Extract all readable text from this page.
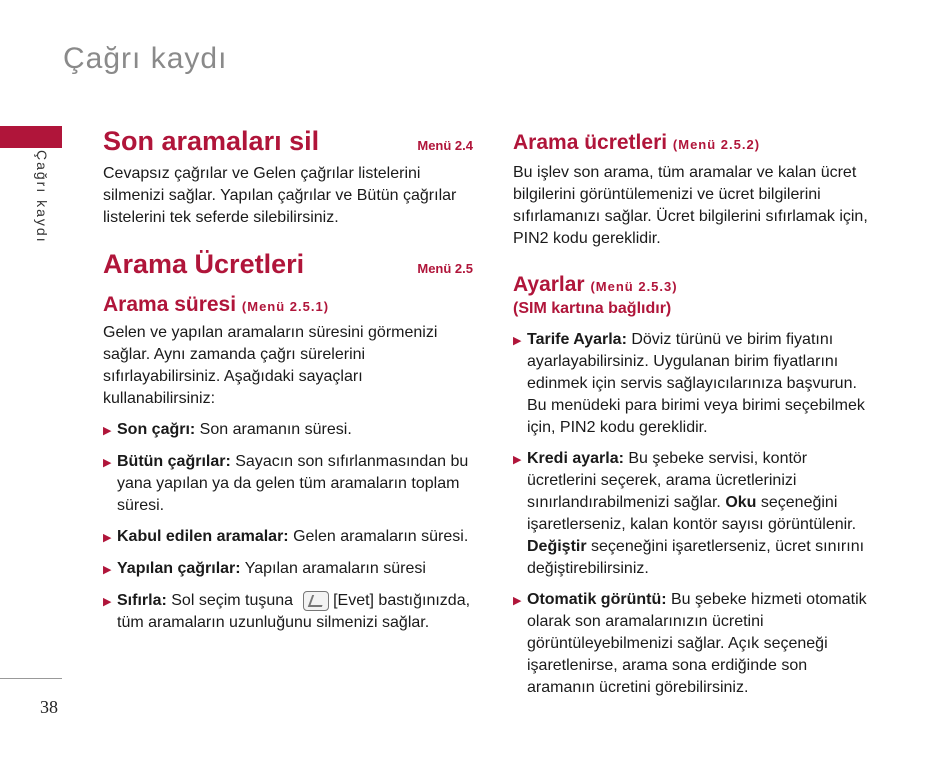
Çağrı kaydı
Çağrı kaydı
38
Son aramaları sil	Menü 2.4

Cevapsız çağrılar ve Gelen çağrılar listelerini silmenizi sağlar. Yapılan çağrılar ve Bütün çağrılar listelerini tek seferde silebilirsiniz.

Arama Ücretleri	Menü 2.5
Arama süresi (Menü 2.5.1)

Gelen ve yapılan aramaların süresini görmenizi sağlar. Aynı zamanda çağrı sürelerini sıfırlayabilirsiniz. Aşağıdaki sayaçları kullanabilirsiniz:

▶ Son çağrı: Son aramanın süresi.
▶ Bütün çağrılar: Sayacın son sıfırlanmasından bu yana yapılan ya da gelen tüm aramaların toplam süresi.
▶ Kabul edilen aramalar: Gelen aramaların süresi.
▶ Yapılan çağrılar: Yapılan aramaların süresi
▶ Sıfırla: Sol seçim tuşuna	[Evet] bastığınızda, tüm aramaların uzunluğunu silmenizi sağlar.
Arama ücretleri (Menü 2.5.2)

Bu işlev son arama, tüm aramalar ve kalan ücret bilgilerini görüntülemenizi ve ücret bilgilerini sıfırlamanızı sağlar. Ücret bilgilerini sıfırlamak için, PIN2 kodu gereklidir.

Ayarlar (Menü 2.5.3)
(SIM kartına bağlıdır)
▶ Tarife Ayarla: Döviz türünü ve birim fiyatını ayarlayabilirsiniz. Uygulanan birim fiyatlarını edinmek için servis sağlayıcılarınıza başvurun. Bu menüdeki para birimi veya birimi seçebilmek için, PIN2 kodu gereklidir.
▶ Kredi ayarla: Bu şebeke servisi, kontör ücretlerini seçerek, arama ücretlerinizi sınırlandırabilmenizi sağlar. Oku seçeneğini işaretlerseniz, kalan kontör sayısı görüntülenir. Değiştir seçeneğini işaretlerseniz, ücret sınırını değiştirebilirsiniz.
▶ Otomatik görüntü: Bu şebeke hizmeti otomatik olarak son aramalarınızın ücretini görüntüleyebilmenizi sağlar. Açık seçeneği işaretlenirse, arama sona erdiğinde son aramanın ücretini görebilirsiniz.
